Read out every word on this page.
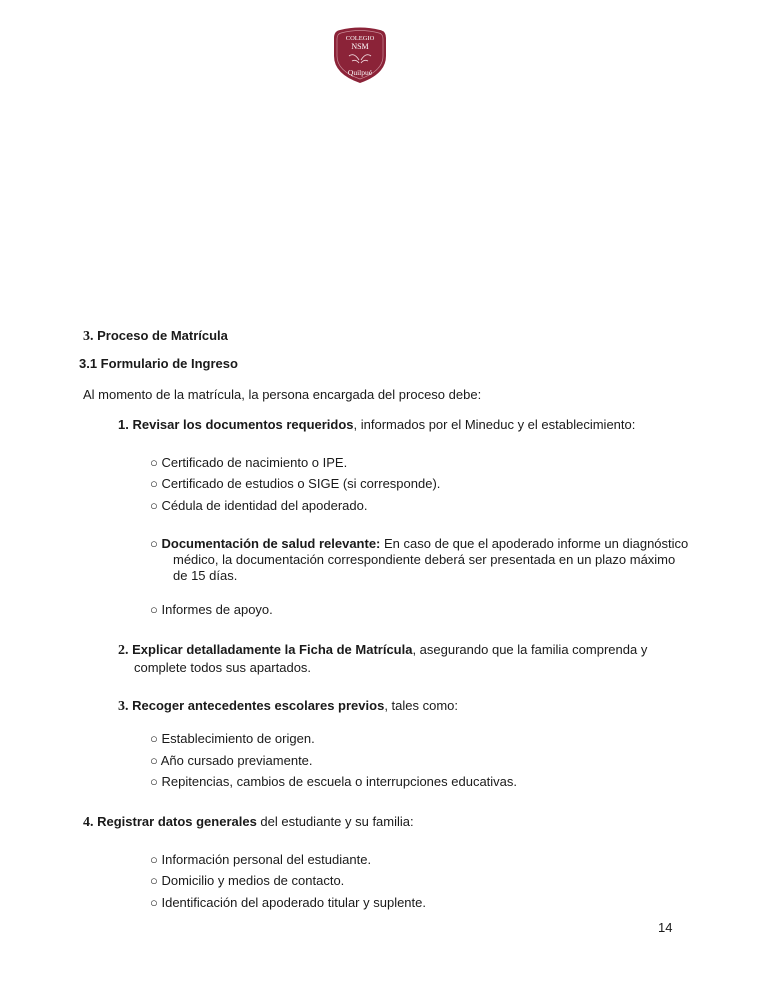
COLEGIO
NSM
Quilpué
3. Proceso de Matrícula
3.1 Formulario de Ingreso
Al momento de la matrícula, la persona encargada del proceso debe:
1. Revisar los documentos requeridos, informados por el Mineduc y el establecimiento:
○ Certificado de nacimiento o IPE.
○ Certificado de estudios o SIGE (si corresponde).
○ Cédula de identidad del apoderado.
○ Documentación de salud relevante: En caso de que el apoderado informe un diagnóstico médico, la documentación correspondiente deberá ser presentada en un plazo máximo de 15 días.
○ Informes de apoyo.
2. Explicar detalladamente la Ficha de Matrícula, asegurando que la familia comprenda y complete todos sus apartados.
3. Recoger antecedentes escolares previos, tales como:
○ Establecimiento de origen.
○ Año cursado previamente.
○ Repitencias, cambios de escuela o interrupciones educativas.
4. Registrar datos generales del estudiante y su familia:
○ Información personal del estudiante.
○ Domicilio y medios de contacto.
○ Identificación del apoderado titular y suplente.
14
